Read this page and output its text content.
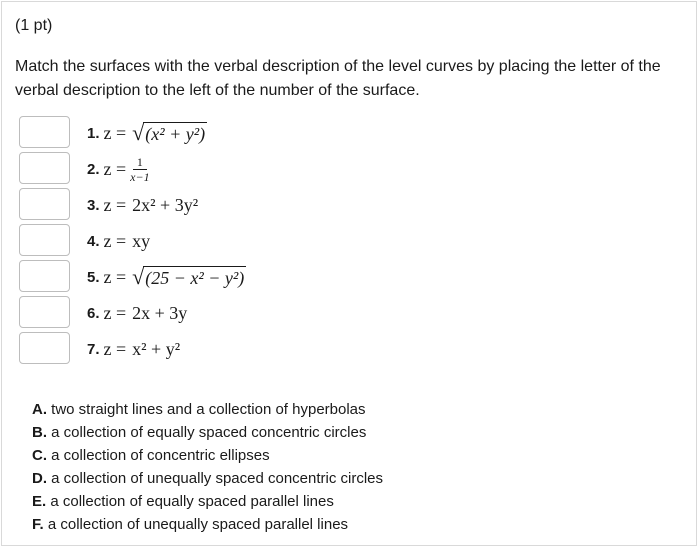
(1 pt)
Match the surfaces with the verbal description of the level curves by placing the letter of the verbal description to the left of the number of the surface.
1. z = √ (x² + y²)
2. $z = \frac{1}{x-1}$
3. z = 2x² + 3y²
4. z = xy
5. z = √ (25 − x² − y²)
6. z = 2x + 3y
7. z = x² + y²
A. two straight lines and a collection of hyperbolas
B. a collection of equally spaced concentric circles
C. a collection of concentric ellipses
D. a collection of unequally spaced concentric circles
E. a collection of equally spaced parallel lines
F. a collection of unequally spaced parallel lines
